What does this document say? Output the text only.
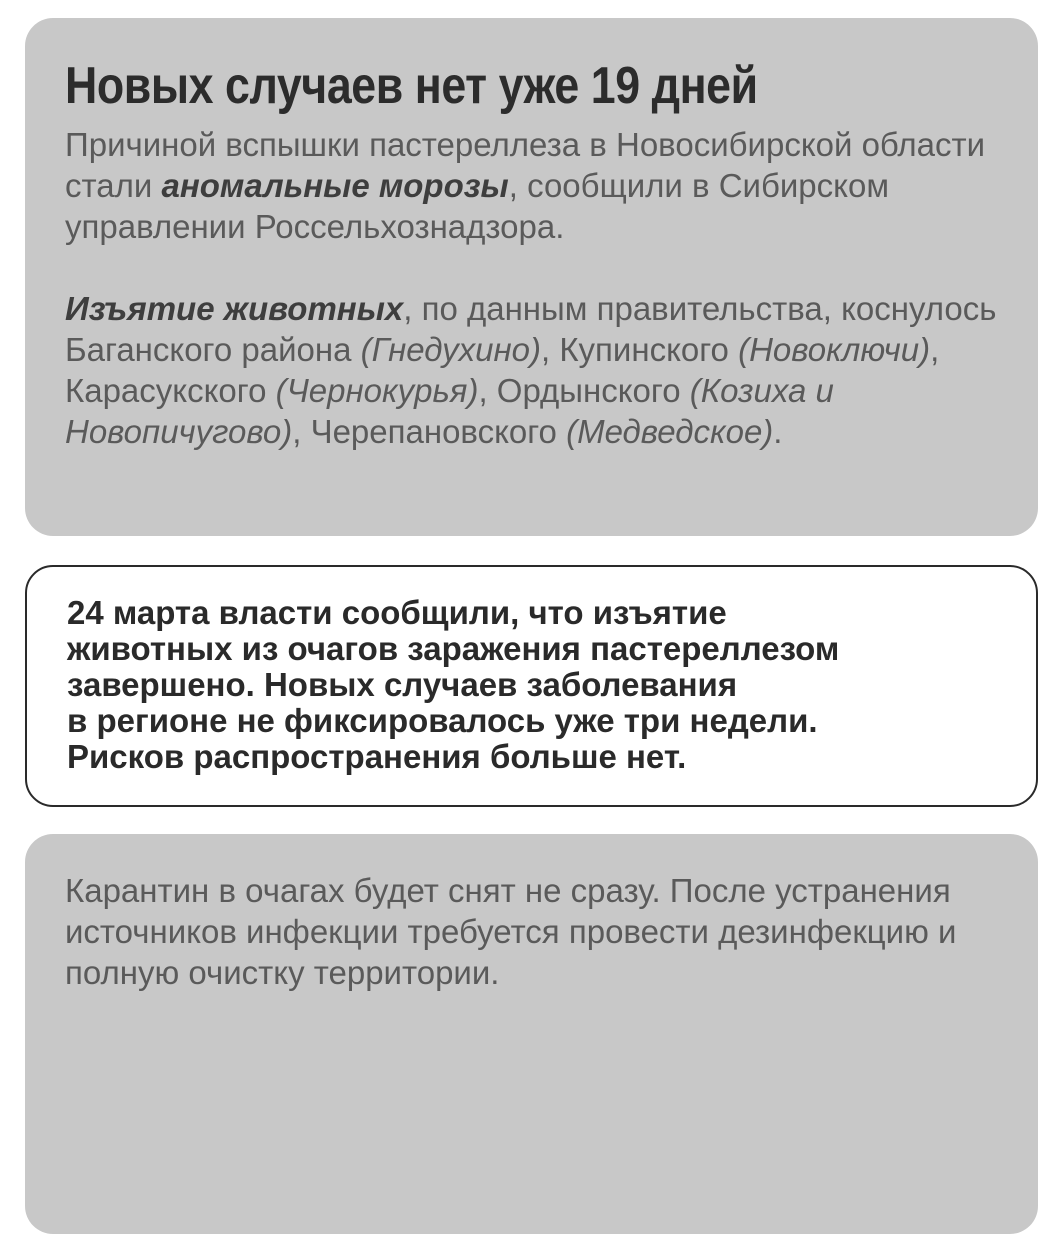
Новых случаев нет уже 19 дней

Причиной вспышки пастереллеза в Новосибирской области стали аномальные морозы, сообщили в Сибирском управлении Россельхознадзора.

Изъятие животных, по данным правительства, коснулось Баганского района (Гнедухино), Купинского (Новоключи), Карасукского (Чернокурья), Ордынского (Козиха и Новопичугово), Черепановского (Медведское).

24 марта власти сообщили, что изъятие
животных из очагов заражения пастереллезом
завершено. Новых случаев заболевания
в регионе не фиксировалось уже три недели.
Рисков распространения больше нет.

Карантин в очагах будет снят не сразу. После устранения источников инфекции требуется провести дезинфекцию и полную очистку территории.
